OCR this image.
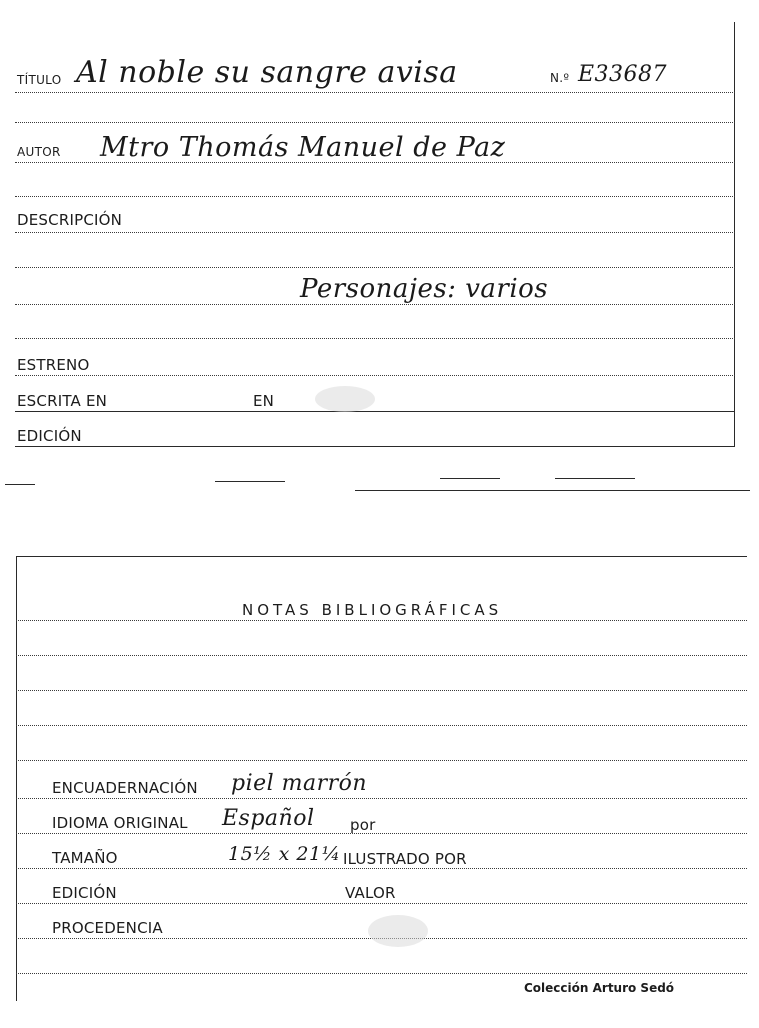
TÍTULO Al noble su sangre avisa	N.º E33687
AUTOR Mtro Thomás Manuel de Paz
DESCRIPCIÓN
Personajes: varios
ESTRENO
ESCRITA EN	EN
EDICIÓN
NOTAS BIBLIOGRÁFICAS
ENCUADERNACIÓN piel marrón
IDIOMA ORIGINAL Español por
TAMAÑO	15½ x 21¼ ILUSTRADO POR
EDICIÓN	VALOR
PROCEDENCIA
Colección Arturo Sedó
